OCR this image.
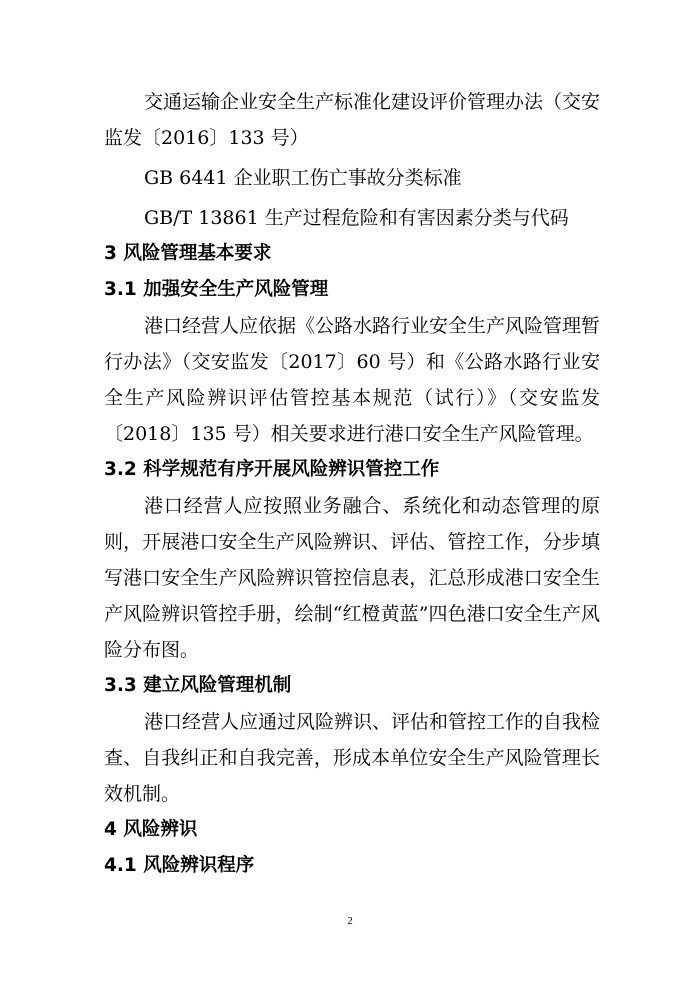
交通运输企业安全生产标准化建设评价管理办法（交安监发〔2016〕133 号）

GB 6441 企业职工伤亡事故分类标准

GB/T 13861 生产过程危险和有害因素分类与代码

3 风险管理基本要求

3.1 加强安全生产风险管理

港口经营人应依据《公路水路行业安全生产风险管理暂行办法》（交安监发〔2017〕60 号）和《公路水路行业安全生产风险辨识评估管控基本规范（试行）》（交安监发〔2018〕135 号）相关要求进行港口安全生产风险管理。

3.2 科学规范有序开展风险辨识管控工作

港口经营人应按照业务融合、系统化和动态管理的原则，开展港口安全生产风险辨识、评估、管控工作，分步填写港口安全生产风险辨识管控信息表，汇总形成港口安全生产风险辨识管控手册，绘制“红橙黄蓝”四色港口安全生产风险分布图。

3.3 建立风险管理机制

港口经营人应通过风险辨识、评估和管控工作的自我检查、自我纠正和自我完善，形成本单位安全生产风险管理长效机制。

4 风险辨识

4.1 风险辨识程序

2
